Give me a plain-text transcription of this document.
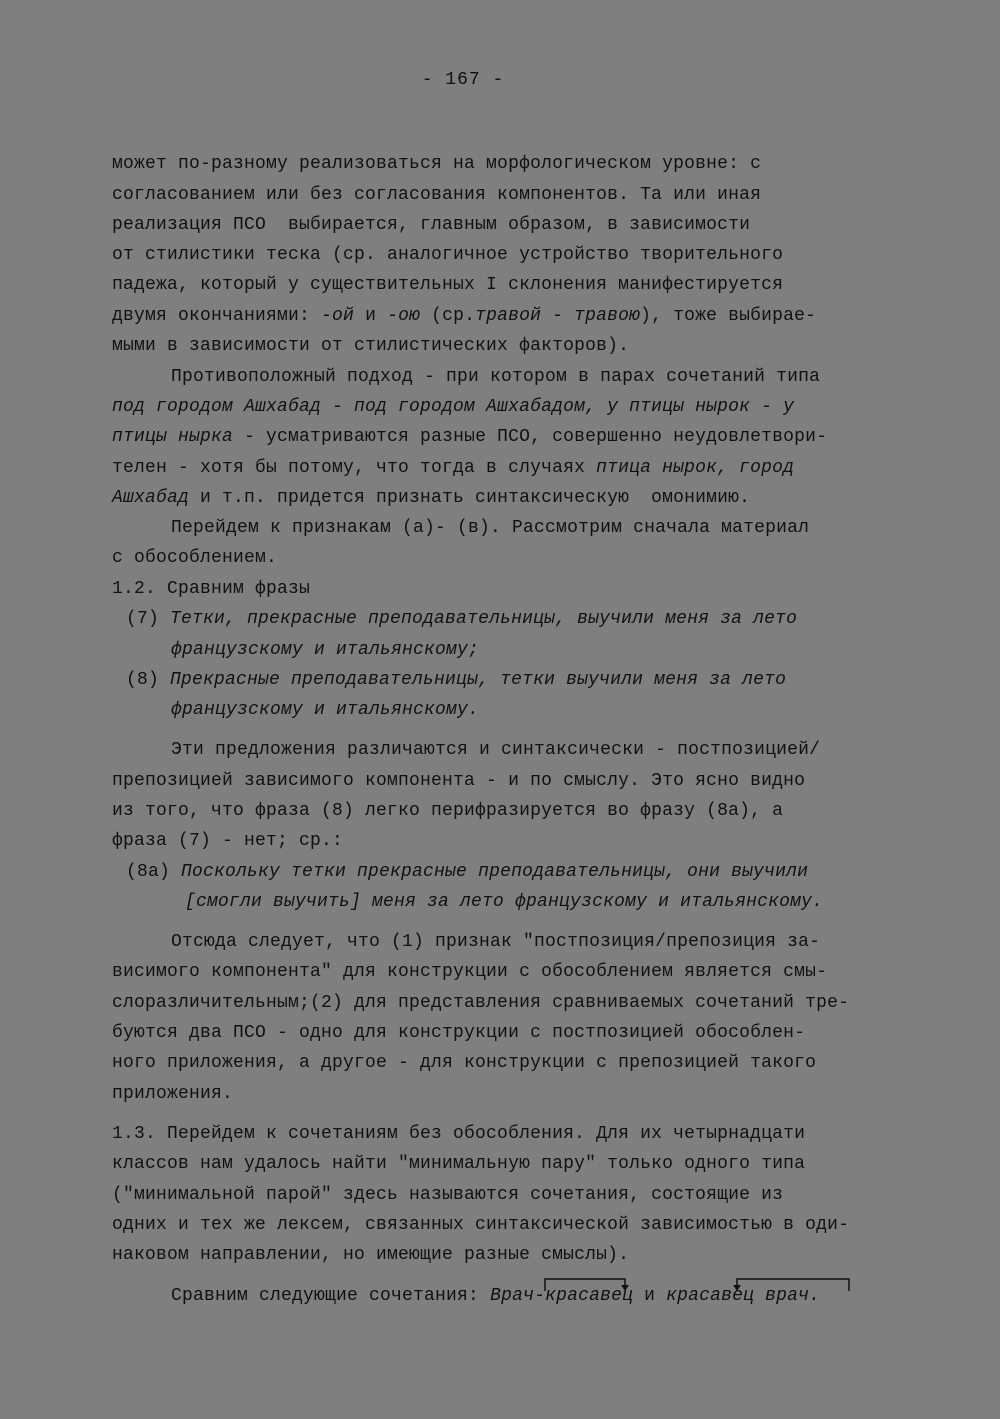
- 167 -
может по-разному реализоваться на морфологическом уровне: с
согласованием или без согласования компонентов. Та или иная
реализация ПСО  выбирается, главным образом, в зависимости
от стилистики теска (ср. аналогичное устройство творительного
падежа, который у существительных I склонения манифестируется
двумя окончаниями: -ой и -ою (ср.травой - травою), тоже выбирае-
мыми в зависимости от стилистических факторов).
Противоположный подход - при котором в парах сочетаний типа
под городом Ашхабад - под городом Ашхабадом, у птицы нырок - у
птицы нырка - усматриваются разные ПСО, совершенно неудовлетвори-
телен - хотя бы потому, что тогда в случаях птица нырок, город
Ашхабад и т.п. придется признать синтаксическую  омонимию.
Перейдем к признакам (а)- (в). Рассмотрим сначала материал
с обособлением.
1.2. Сравним фразы
(7) Тетки, прекрасные преподавательницы, выучили меня за лето
французскому и итальянскому;
(8) Прекрасные преподавательницы, тетки выучили меня за лето
французскому и итальянскому.
Эти предложения различаются и синтаксически - постпозицией/
препозицией зависимого компонента - и по смыслу. Это ясно видно
из того, что фраза (8) легко перифразируется во фразу (8а), а
фраза (7) - нет; ср.:
(8а) Поскольку тетки прекрасные преподавательницы, они выучили
[смогли выучить] меня за лето французскому и итальянскому.
Отсюда следует, что (1) признак "постпозиция/препозиция за-
висимого компонента" для конструкции с обособлением является смы-
слоразличительным;(2) для представления сравниваемых сочетаний тре-
буются два ПСО - одно для конструкции с постпозицией обособлен-
ного приложения, а другое - для конструкции с препозицией такого
приложения.
1.3. Перейдем к сочетаниям без обособления. Для их четырнадцати
классов нам удалось найти "минимальную пару" только одного типа
("минимальной парой" здесь называются сочетания, состоящие из
одних и тех же лексем, связанных синтаксической зависимостью в оди-
наковом направлении, но имеющие разные смыслы).
Сравним следующие сочетания: Врач-красавец и красавец врач.
